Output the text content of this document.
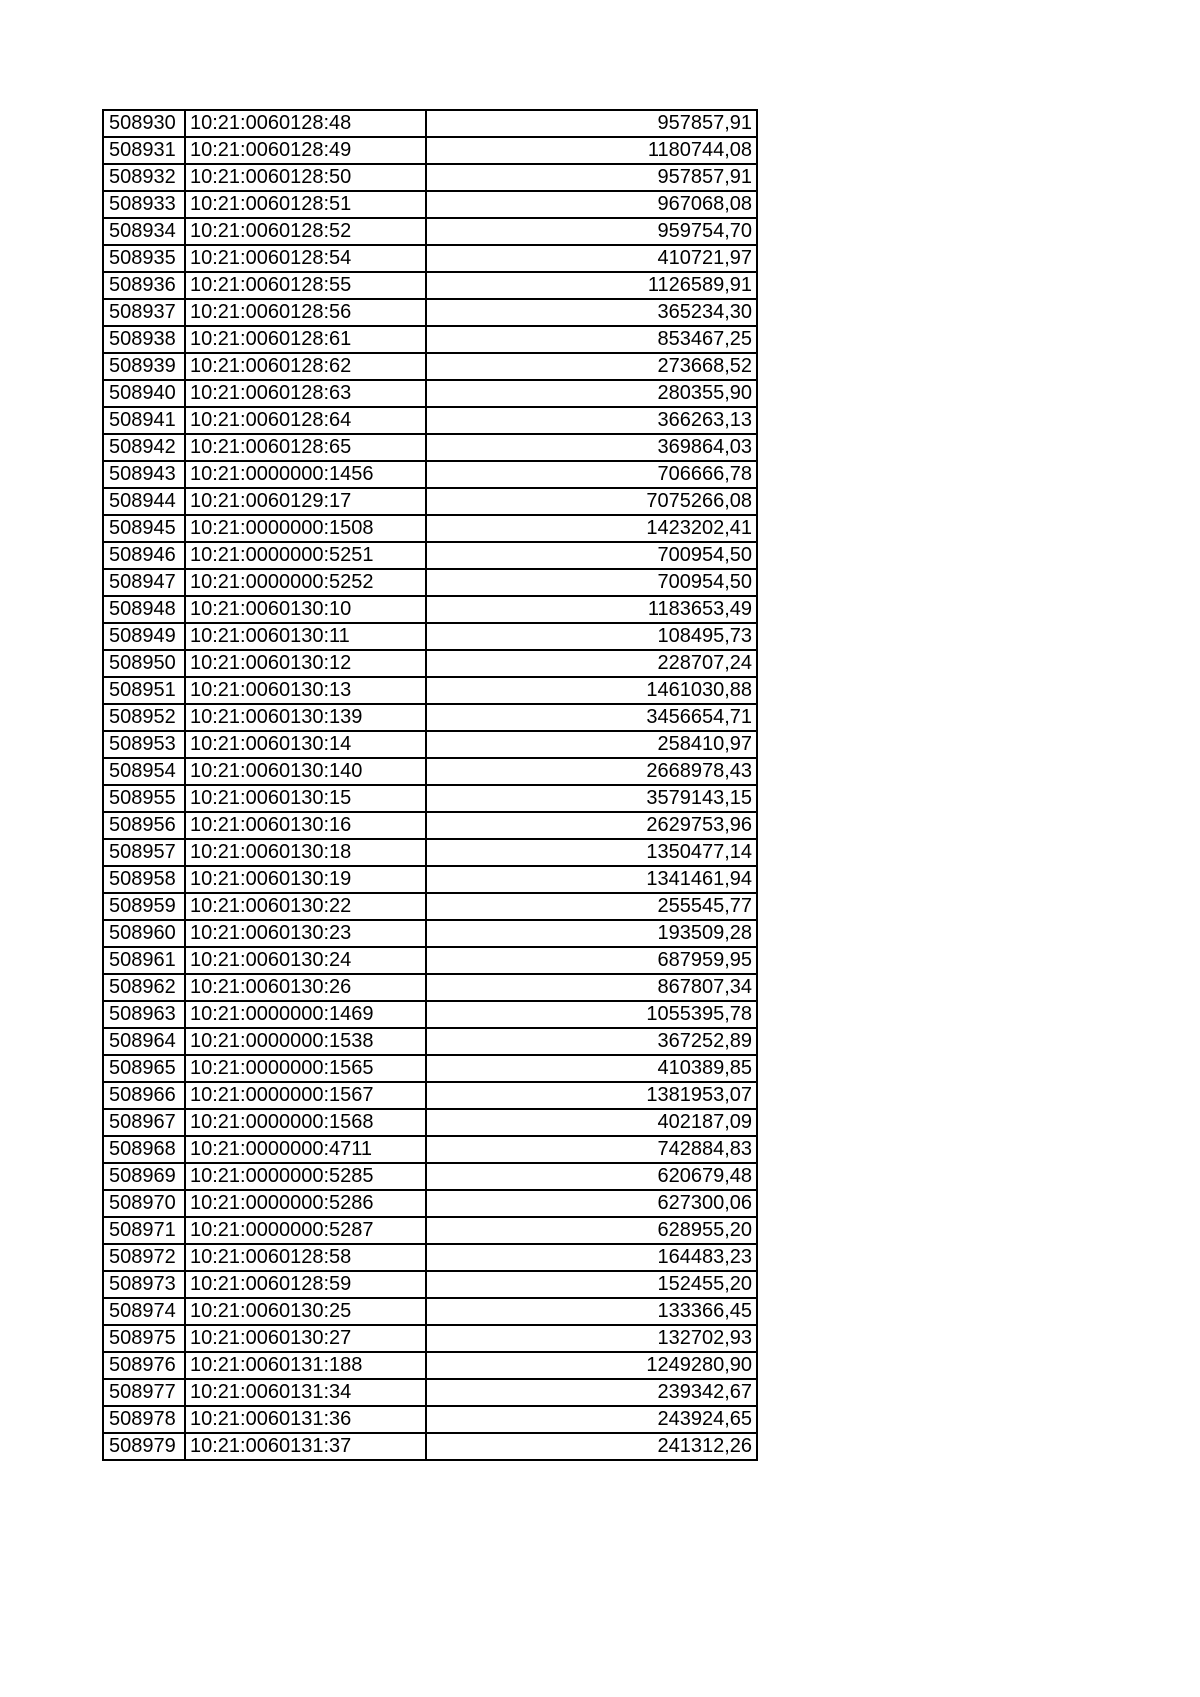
508930	10:21:0060128:48	957857,91
508931	10:21:0060128:49	1180744,08
508932	10:21:0060128:50	957857,91
508933	10:21:0060128:51	967068,08
508934	10:21:0060128:52	959754,70
508935	10:21:0060128:54	410721,97
508936	10:21:0060128:55	1126589,91
508937	10:21:0060128:56	365234,30
508938	10:21:0060128:61	853467,25
508939	10:21:0060128:62	273668,52
508940	10:21:0060128:63	280355,90
508941	10:21:0060128:64	366263,13
508942	10:21:0060128:65	369864,03
508943	10:21:0000000:1456	706666,78
508944	10:21:0060129:17	7075266,08
508945	10:21:0000000:1508	1423202,41
508946	10:21:0000000:5251	700954,50
508947	10:21:0000000:5252	700954,50
508948	10:21:0060130:10	1183653,49
508949	10:21:0060130:11	108495,73
508950	10:21:0060130:12	228707,24
508951	10:21:0060130:13	1461030,88
508952	10:21:0060130:139	3456654,71
508953	10:21:0060130:14	258410,97
508954	10:21:0060130:140	2668978,43
508955	10:21:0060130:15	3579143,15
508956	10:21:0060130:16	2629753,96
508957	10:21:0060130:18	1350477,14
508958	10:21:0060130:19	1341461,94
508959	10:21:0060130:22	255545,77
508960	10:21:0060130:23	193509,28
508961	10:21:0060130:24	687959,95
508962	10:21:0060130:26	867807,34
508963	10:21:0000000:1469	1055395,78
508964	10:21:0000000:1538	367252,89
508965	10:21:0000000:1565	410389,85
508966	10:21:0000000:1567	1381953,07
508967	10:21:0000000:1568	402187,09
508968	10:21:0000000:4711	742884,83
508969	10:21:0000000:5285	620679,48
508970	10:21:0000000:5286	627300,06
508971	10:21:0000000:5287	628955,20
508972	10:21:0060128:58	164483,23
508973	10:21:0060128:59	152455,20
508974	10:21:0060130:25	133366,45
508975	10:21:0060130:27	132702,93
508976	10:21:0060131:188	1249280,90
508977	10:21:0060131:34	239342,67
508978	10:21:0060131:36	243924,65
508979	10:21:0060131:37	241312,26
